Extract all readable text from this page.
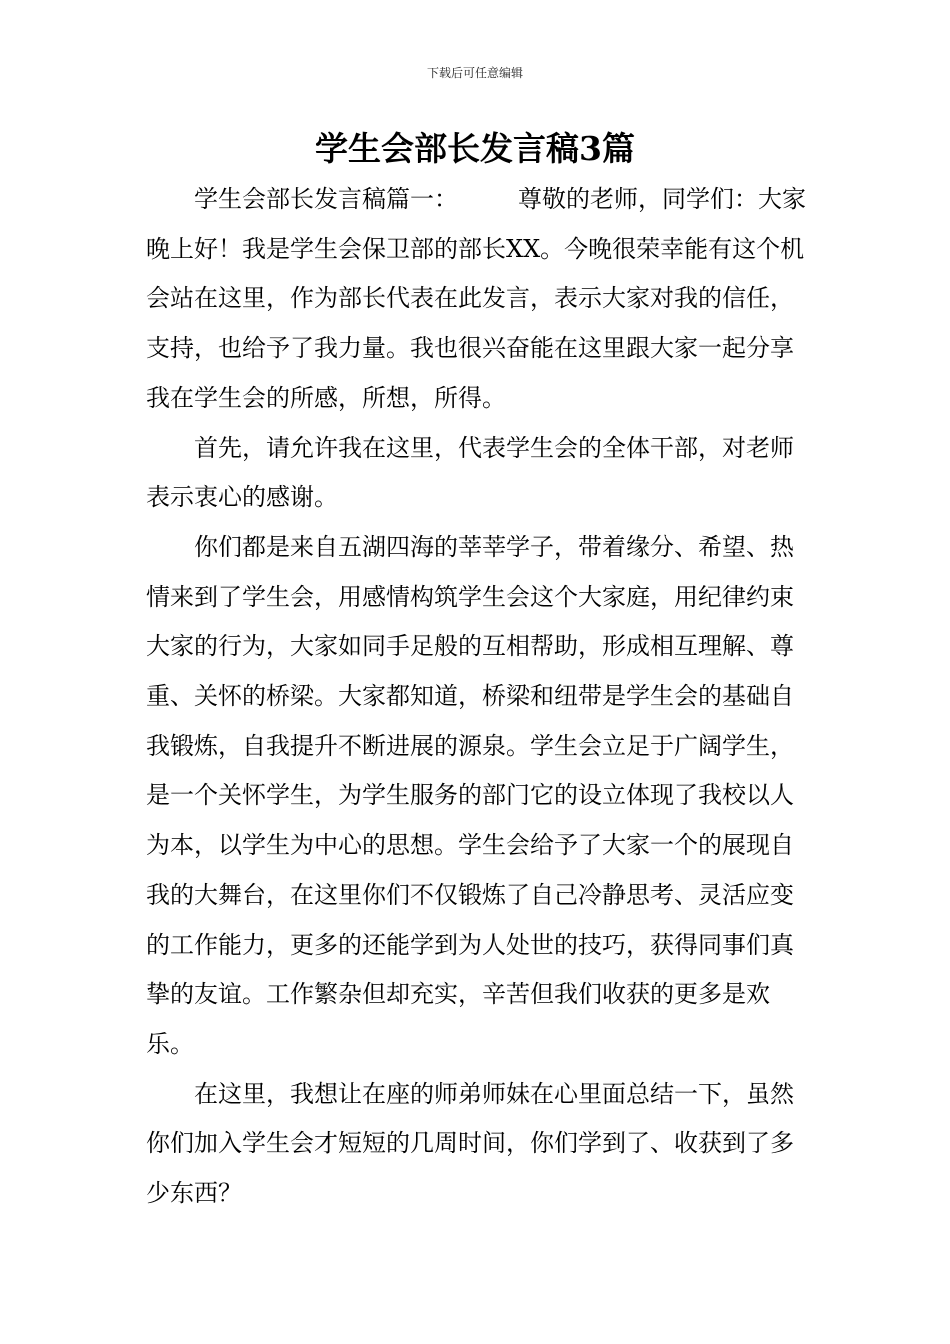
下载后可任意编辑
学生会部长发言稿3篇

学生会部长发言稿篇一：	尊敬的老师，同学们：大家晚上好！我是学生会保卫部的部长XX。今晚很荣幸能有这个机会站在这里，作为部长代表在此发言，表示大家对我的信任，支持，也给予了我力量。我也很兴奋能在这里跟大家一起分享我在学生会的所感，所想，所得。

首先，请允许我在这里，代表学生会的全体干部，对老师表示衷心的感谢。

你们都是来自五湖四海的莘莘学子，带着缘分、希望、热情来到了学生会，用感情构筑学生会这个大家庭，用纪律约束大家的行为，大家如同手足般的互相帮助，形成相互理解、尊重、关怀的桥梁。大家都知道，桥梁和纽带是学生会的基础自我锻炼，自我提升不断进展的源泉。学生会立足于广阔学生，是一个关怀学生，为学生服务的部门它的设立体现了我校以人为本，以学生为中心的思想。学生会给予了大家一个的展现自我的大舞台，在这里你们不仅锻炼了自己冷静思考、灵活应变的工作能力，更多的还能学到为人处世的技巧，获得同事们真挚的友谊。工作繁杂但却充实，辛苦但我们收获的更多是欢乐。

在这里，我想让在座的师弟师妹在心里面总结一下，虽然你们加入学生会才短短的几周时间，你们学到了、收获到了多少东西？
